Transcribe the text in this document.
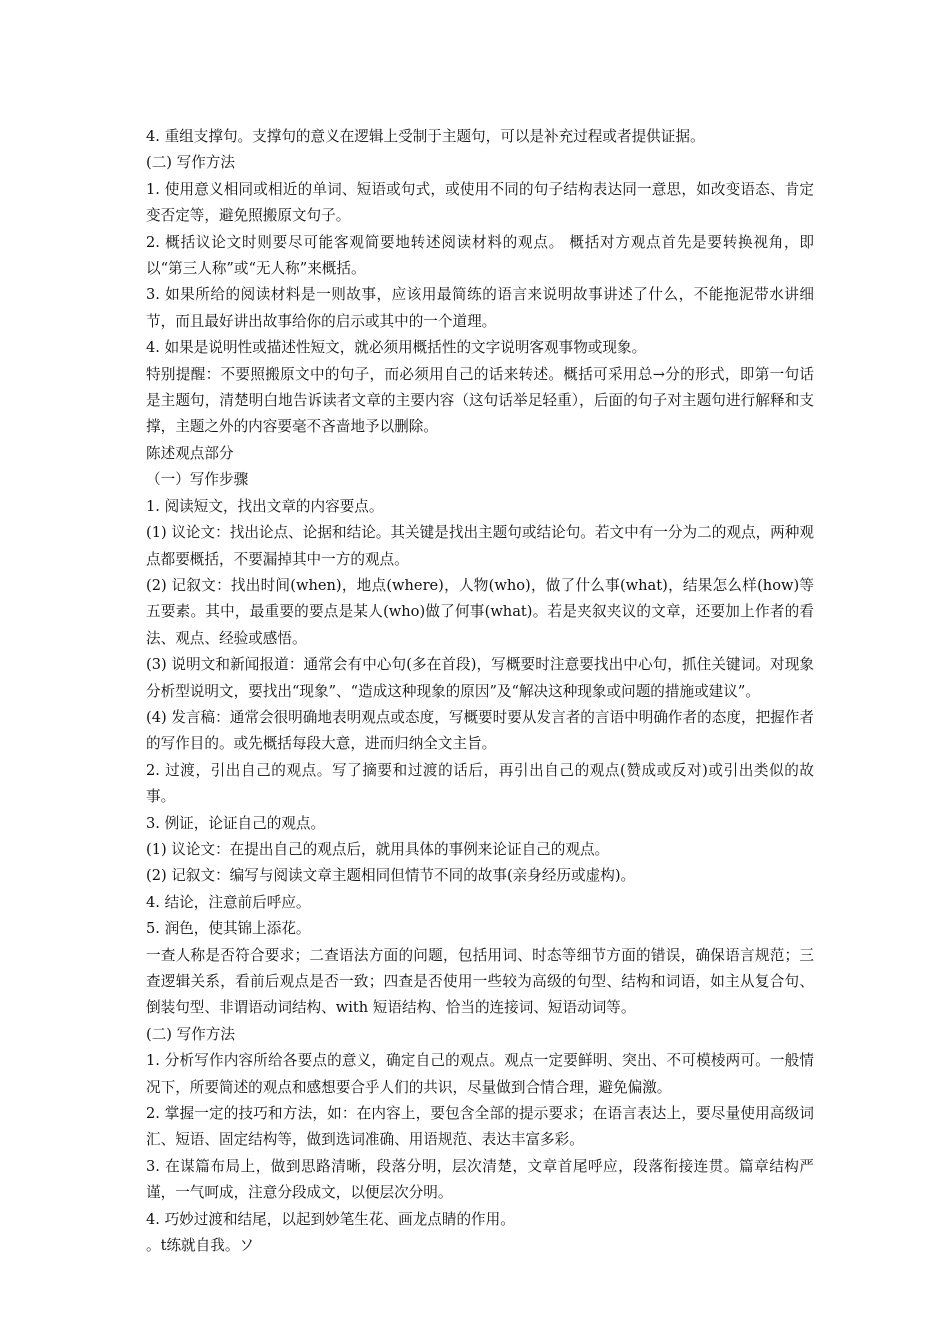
4. 重组支撑句。支撑句的意义在逻辑上受制于主题句，可以是补充过程或者提供证据。

(二) 写作方法

1. 使用意义相同或相近的单词、短语或句式，或使用不同的句子结构表达同一意思，如改变语态、肯定变否定等，避免照搬原文句子。

2. 概括议论文时则要尽可能客观简要地转述阅读材料的观点。 概括对方观点首先是要转换视角，即以“第三人称”或“无人称”来概括。

3. 如果所给的阅读材料是一则故事，应该用最简练的语言来说明故事讲述了什么，不能拖泥带水讲细节，而且最好讲出故事给你的启示或其中的一个道理。

4. 如果是说明性或描述性短文，就必须用概括性的文字说明客观事物或现象。

特别提醒：不要照搬原文中的句子，而必须用自己的话来转述。概括可采用总→分的形式，即第一句话是主题句，清楚明白地告诉读者文章的主要内容（这句话举足轻重），后面的句子对主题句进行解释和支撑，主题之外的内容要毫不吝啬地予以删除。

陈述观点部分

（一）写作步骤

1. 阅读短文，找出文章的内容要点。

(1) 议论文：找出论点、论据和结论。其关键是找出主题句或结论句。若文中有一分为二的观点，两种观点都要概括，不要漏掉其中一方的观点。

(2) 记叙文：找出时间(when)，地点(where)，人物(who)，做了什么事(what)，结果怎么样(how)等五要素。其中，最重要的要点是某人(who)做了何事(what)。若是夹叙夹议的文章，还要加上作者的看法、观点、经验或感悟。

(3) 说明文和新闻报道：通常会有中心句(多在首段)，写概要时注意要找出中心句，抓住关键词。对现象分析型说明文，要找出“现象”、“造成这种现象的原因”及“解决这种现象或问题的措施或建议”。

(4) 发言稿：通常会很明确地表明观点或态度，写概要时要从发言者的言语中明确作者的态度，把握作者的写作目的。或先概括每段大意，进而归纳全文主旨。

2. 过渡，引出自己的观点。写了摘要和过渡的话后，再引出自己的观点(赞成或反对)或引出类似的故事。

3. 例证，论证自己的观点。

(1) 议论文：在提出自己的观点后，就用具体的事例来论证自己的观点。

(2) 记叙文：编写与阅读文章主题相同但情节不同的故事(亲身经历或虚构)。

4. 结论，注意前后呼应。

5. 润色，使其锦上添花。

一查人称是否符合要求；二查语法方面的问题，包括用词、时态等细节方面的错误，确保语言规范；三查逻辑关系，看前后观点是否一致；四查是否使用一些较为高级的句型、结构和词语，如主从复合句、倒装句型、非谓语动词结构、with 短语结构、恰当的连接词、短语动词等。

(二) 写作方法

1. 分析写作内容所给各要点的意义，确定自己的观点。观点一定要鲜明、突出、不可模棱两可。一般情况下，所要简述的观点和感想要合乎人们的共识，尽量做到合情合理，避免偏激。

2. 掌握一定的技巧和方法，如：在内容上，要包含全部的提示要求；在语言表达上，要尽量使用高级词汇、短语、固定结构等，做到选词准确、用语规范、表达丰富多彩。

3. 在谋篇布局上，做到思路清晰，段落分明，层次清楚，文章首尾呼应，段落衔接连贯。篇章结构严谨，一气呵成，注意分段成文，以便层次分明。

4. 巧妙过渡和结尾，以起到妙笔生花、画龙点睛的作用。

。t练就自我。ソ
